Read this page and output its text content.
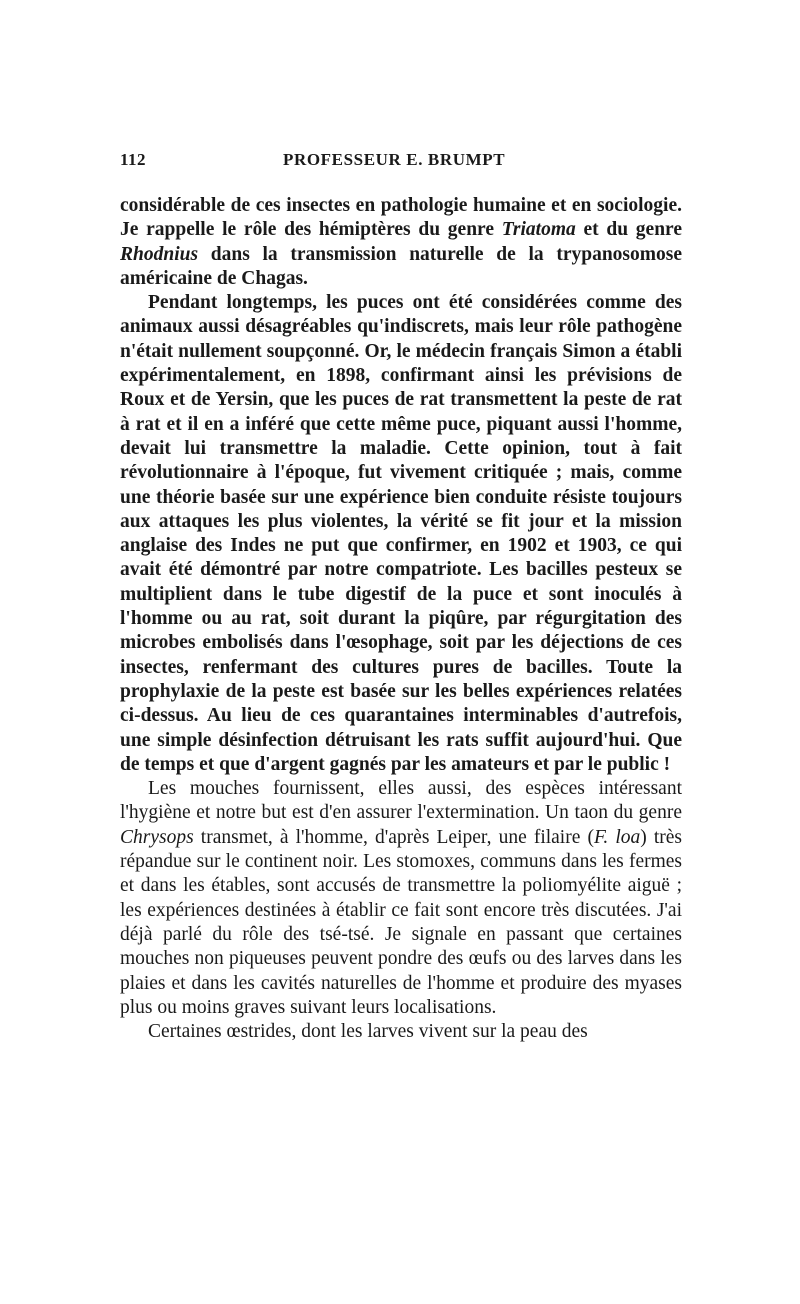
112	PROFESSEUR E. BRUMPT

considérable de ces insectes en pathologie humaine et en sociologie. Je rappelle le rôle des hémiptères du genre Triatoma et du genre Rhodnius dans la transmission naturelle de la trypanosomose américaine de Chagas.

Pendant longtemps, les puces ont été considérées comme des animaux aussi désagréables qu'indiscrets, mais leur rôle pathogène n'était nullement soupçonné. Or, le médecin français Simon a établi expérimentalement, en 1898, confirmant ainsi les prévisions de Roux et de Yersin, que les puces de rat transmettent la peste de rat à rat et il en a inféré que cette même puce, piquant aussi l'homme, devait lui transmettre la maladie. Cette opinion, tout à fait révolutionnaire à l'époque, fut vivement critiquée ; mais, comme une théorie basée sur une expérience bien conduite résiste toujours aux attaques les plus violentes, la vérité se fit jour et la mission anglaise des Indes ne put que confirmer, en 1902 et 1903, ce qui avait été démontré par notre compatriote. Les bacilles pesteux se multiplient dans le tube digestif de la puce et sont inoculés à l'homme ou au rat, soit durant la piqûre, par régurgitation des microbes embolisés dans l'œsophage, soit par les déjections de ces insectes, renfermant des cultures pures de bacilles. Toute la prophylaxie de la peste est basée sur les belles expériences relatées ci-dessus. Au lieu de ces quarantaines interminables d'autrefois, une simple désinfection détruisant les rats suffit aujourd'hui. Que de temps et que d'argent gagnés par les amateurs et par le public !

Les mouches fournissent, elles aussi, des espèces intéressant l'hygiène et notre but est d'en assurer l'extermination. Un taon du genre Chrysops transmet, à l'homme, d'après Leiper, une filaire (F. loa) très répandue sur le continent noir. Les stomoxes, communs dans les fermes et dans les étables, sont accusés de transmettre la poliomyélite aiguë ; les expériences destinées à établir ce fait sont encore très discutées. J'ai déjà parlé du rôle des tsé-tsé. Je signale en passant que certaines mouches non piqueuses peuvent pondre des œufs ou des larves dans les plaies et dans les cavités naturelles de l'homme et produire des myases plus ou moins graves suivant leurs localisations.

Certaines œstrides, dont les larves vivent sur la peau des
